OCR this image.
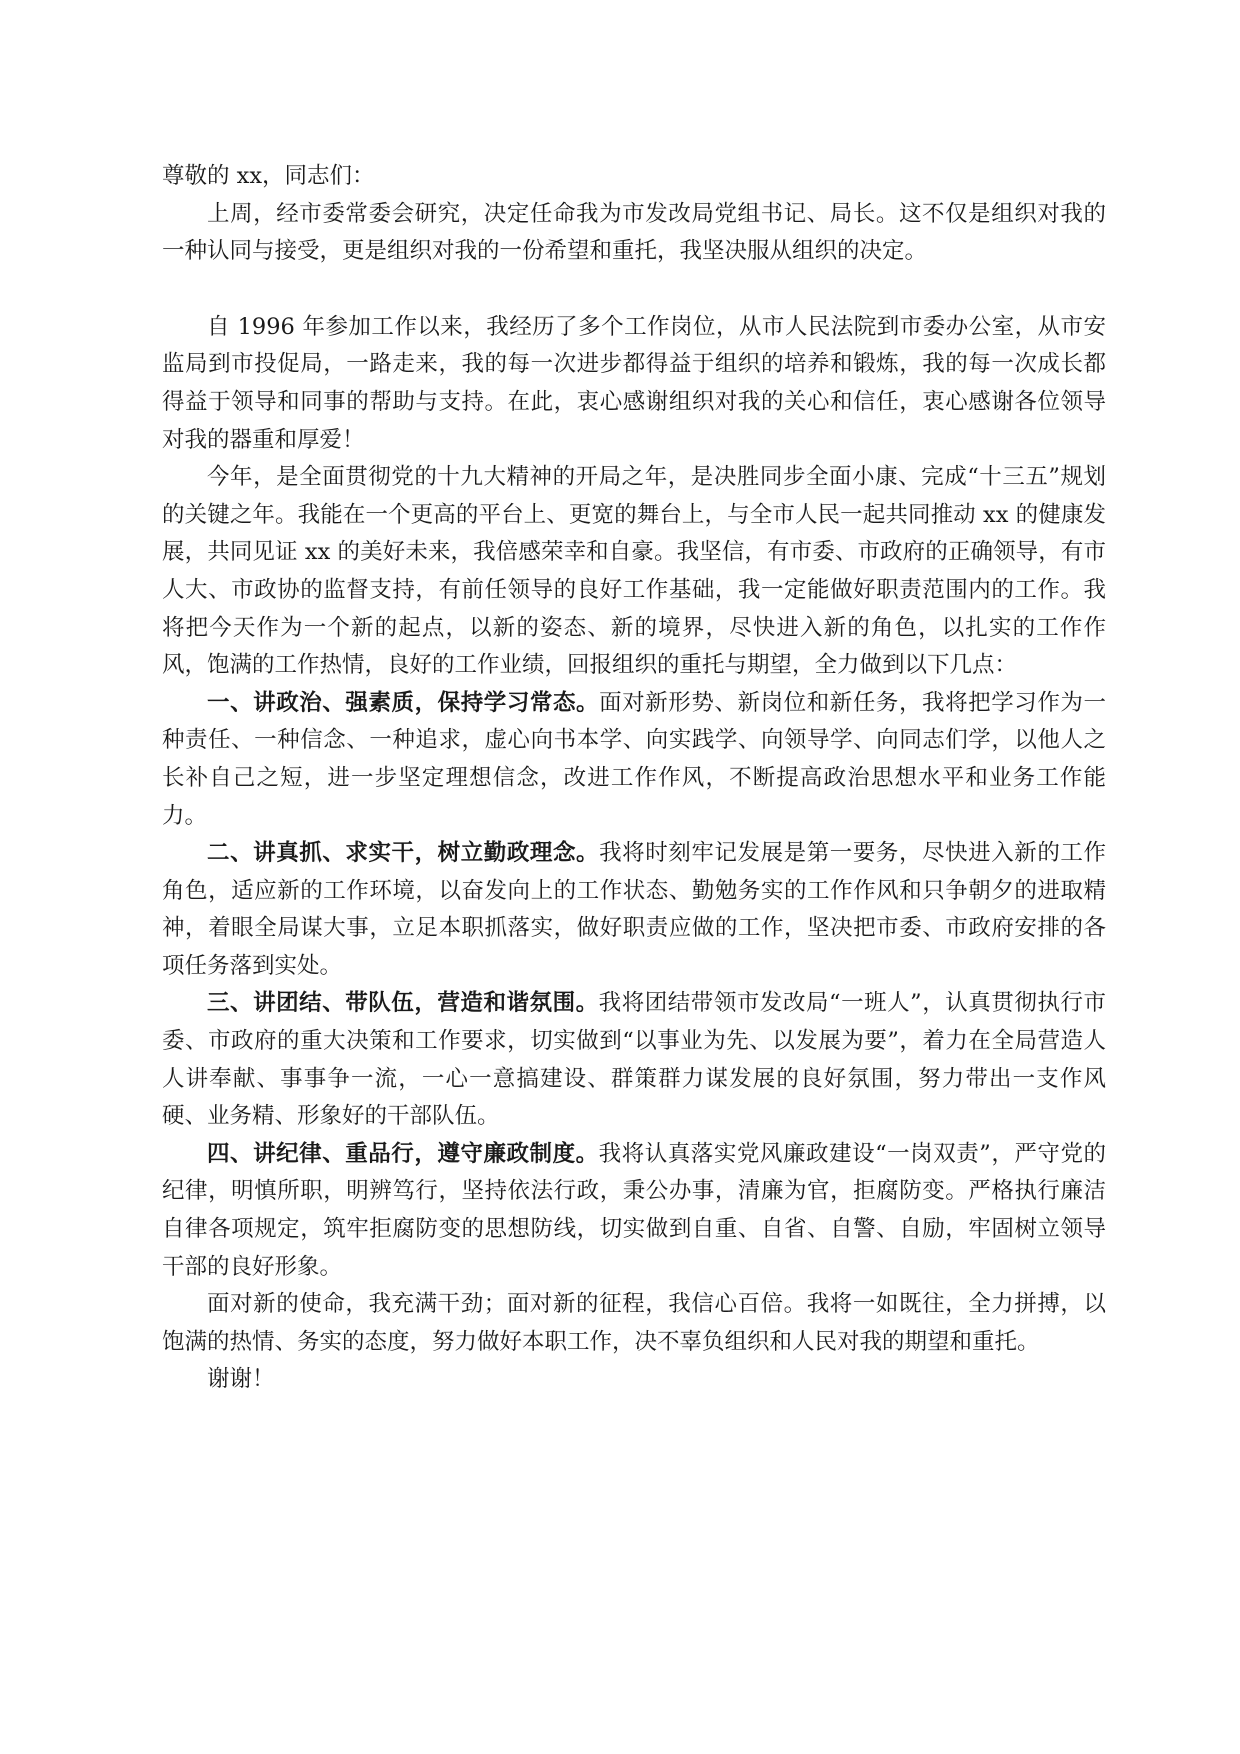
尊敬的 xx，同志们：

上周，经市委常委会研究，决定任命我为市发改局党组书记、局长。这不仅是组织对我的一种认同与接受，更是组织对我的一份希望和重托，我坚决服从组织的决定。

自 1996 年参加工作以来，我经历了多个工作岗位，从市人民法院到市委办公室，从市安监局到市投促局，一路走来，我的每一次进步都得益于组织的培养和锻炼，我的每一次成长都得益于领导和同事的帮助与支持。在此，衷心感谢组织对我的关心和信任，衷心感谢各位领导对我的器重和厚爱！

今年，是全面贯彻党的十九大精神的开局之年，是决胜同步全面小康、完成“十三五”规划的关键之年。我能在一个更高的平台上、更宽的舞台上，与全市人民一起共同推动 xx 的健康发展，共同见证 xx 的美好未来，我倍感荣幸和自豪。我坚信，有市委、市政府的正确领导，有市人大、市政协的监督支持，有前任领导的良好工作基础，我一定能做好职责范围内的工作。我将把今天作为一个新的起点，以新的姿态、新的境界，尽快进入新的角色，以扎实的工作作风，饱满的工作热情，良好的工作业绩，回报组织的重托与期望，全力做到以下几点：

一、讲政治、强素质，保持学习常态。面对新形势、新岗位和新任务，我将把学习作为一种责任、一种信念、一种追求，虚心向书本学、向实践学、向领导学、向同志们学，以他人之长补自己之短，进一步坚定理想信念，改进工作作风，不断提高政治思想水平和业务工作能力。

二、讲真抓、求实干，树立勤政理念。我将时刻牢记发展是第一要务，尽快进入新的工作角色，适应新的工作环境，以奋发向上的工作状态、勤勉务实的工作作风和只争朝夕的进取精神，着眼全局谋大事，立足本职抓落实，做好职责应做的工作，坚决把市委、市政府安排的各项任务落到实处。

三、讲团结、带队伍，营造和谐氛围。我将团结带领市发改局“一班人”，认真贯彻执行市委、市政府的重大决策和工作要求，切实做到“以事业为先、以发展为要”，着力在全局营造人人讲奉献、事事争一流，一心一意搞建设、群策群力谋发展的良好氛围，努力带出一支作风硬、业务精、形象好的干部队伍。

四、讲纪律、重品行，遵守廉政制度。我将认真落实党风廉政建设“一岗双责”，严守党的纪律，明慎所职，明辨笃行，坚持依法行政，秉公办事，清廉为官，拒腐防变。严格执行廉洁自律各项规定，筑牢拒腐防变的思想防线，切实做到自重、自省、自警、自励，牢固树立领导干部的良好形象。

面对新的使命，我充满干劲；面对新的征程，我信心百倍。我将一如既往，全力拼搏，以饱满的热情、务实的态度，努力做好本职工作，决不辜负组织和人民对我的期望和重托。

谢谢！
